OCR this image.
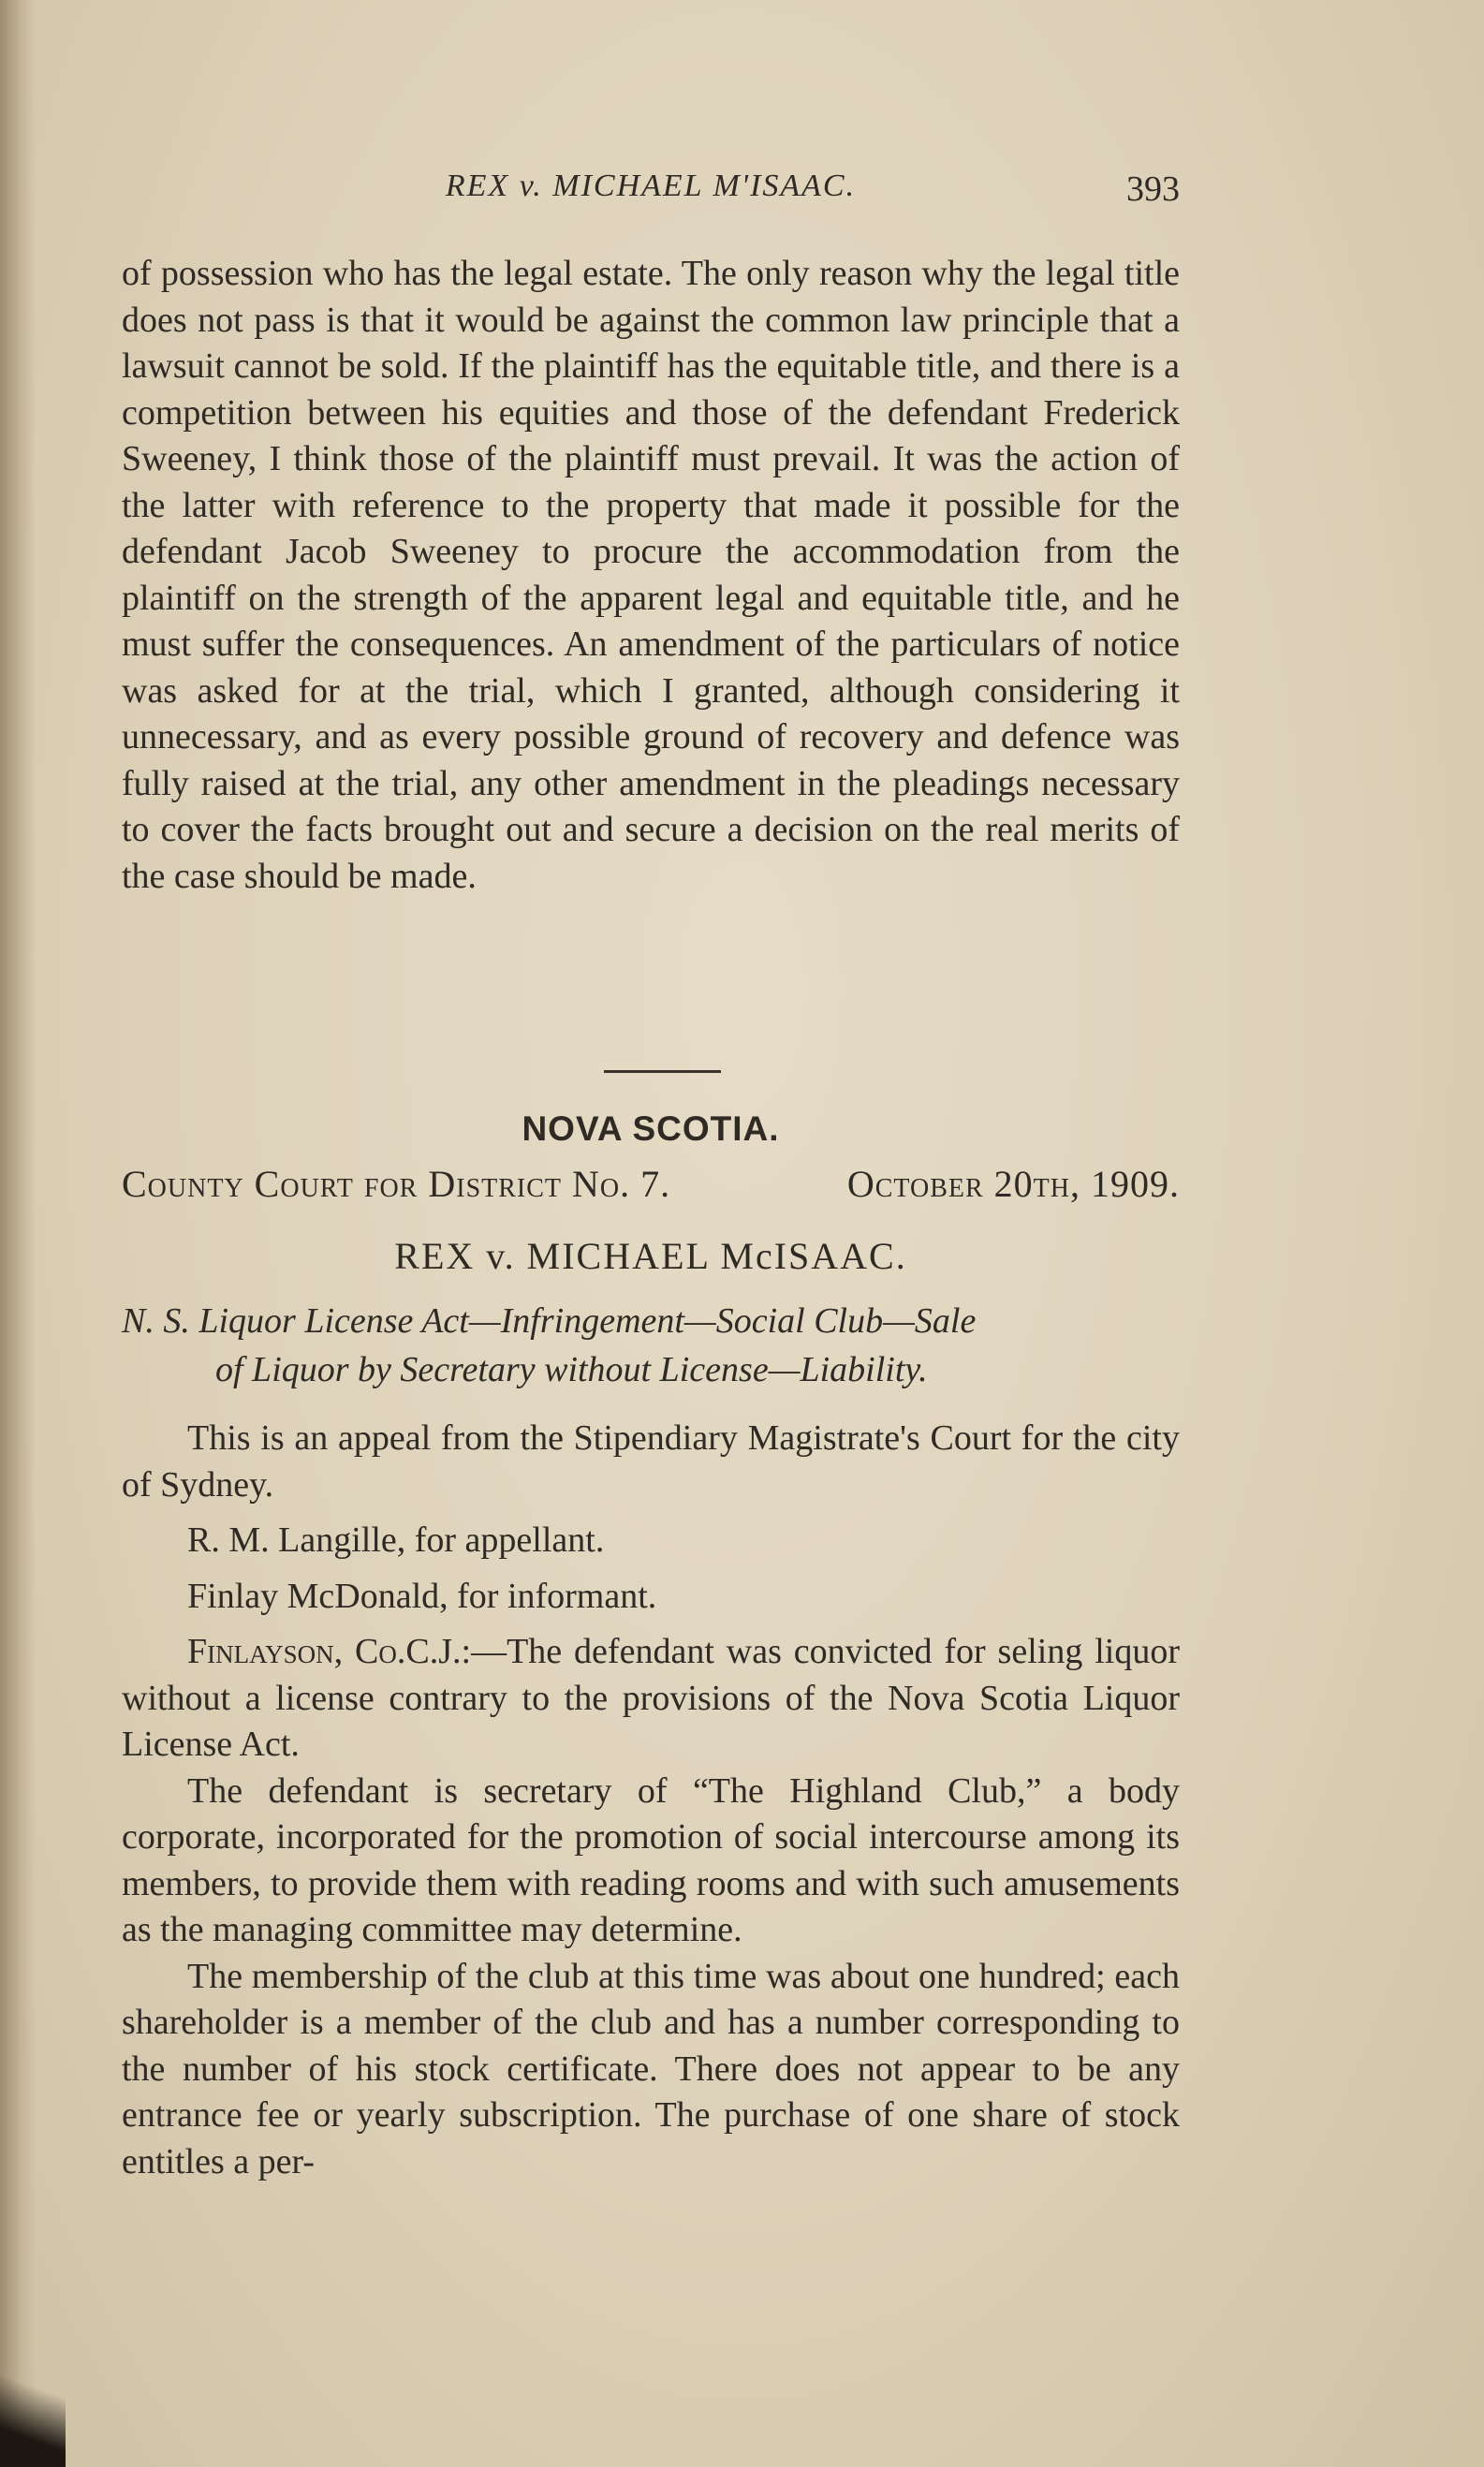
REX v. MICHAEL M'ISAAC.	393

of possession who has the legal estate. The only reason why the legal title does not pass is that it would be against the common law principle that a lawsuit cannot be sold. If the plaintiff has the equitable title, and there is a competition between his equities and those of the defendant Frederick Sweeney, I think those of the plaintiff must prevail. It was the action of the latter with reference to the property that made it possible for the defendant Jacob Sweeney to procure the accommodation from the plaintiff on the strength of the apparent legal and equitable title, and he must suffer the consequences. An amendment of the particulars of notice was asked for at the trial, which I granted, although considering it unnecessary, and as every possible ground of recovery and defence was fully raised at the trial, any other amendment in the pleadings necessary to cover the facts brought out and secure a decision on the real merits of the case should be made.

NOVA SCOTIA.
County Court for District No. 7.	October 20th, 1909.
REX v. MICHAEL McISAAC.
N. S. Liquor License Act—Infringement—Social Club—Sale
of Liquor by Secretary without License—Liability.

This is an appeal from the Stipendiary Magistrate's Court for the city of Sydney.

R. M. Langille, for appellant.

Finlay McDonald, for informant.

Finlayson, Co.C.J.:—The defendant was convicted for seling liquor without a license contrary to the provisions of the Nova Scotia Liquor License Act.

The defendant is secretary of “The Highland Club,” a body corporate, incorporated for the promotion of social intercourse among its members, to provide them with reading rooms and with such amusements as the managing committee may determine.

The membership of the club at this time was about one hundred; each shareholder is a member of the club and has a number corresponding to the number of his stock certificate. There does not appear to be any entrance fee or yearly subscription. The purchase of one share of stock entitles a per-
